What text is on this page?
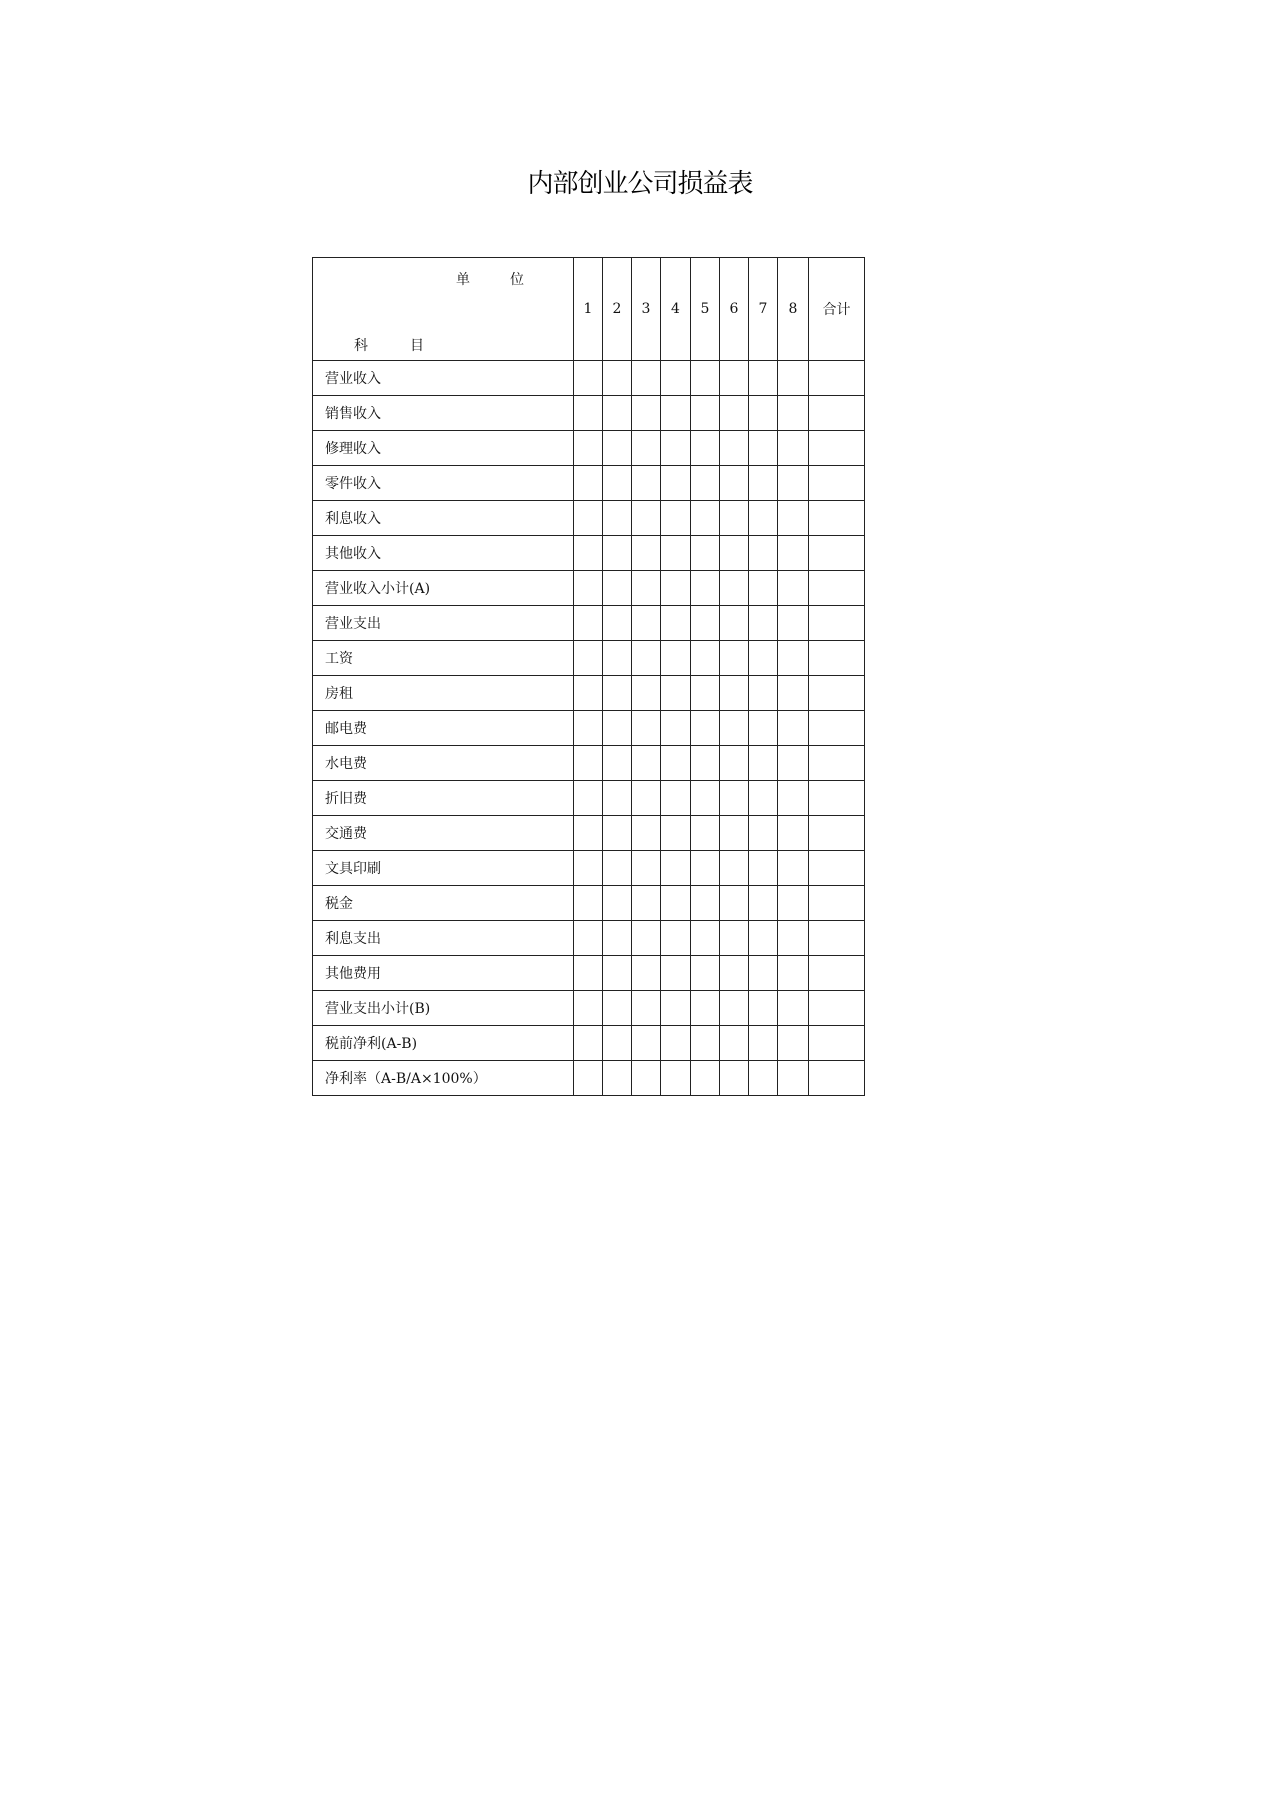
内部创业公司损益表
单 位
科 目	1	2	3	4	5	6	7	8	合计
营业收入									
销售收入									
修理收入									
零件收入									
利息收入									
其他收入									
营业收入小计(A)									
营业支出									
工资									
房租									
邮电费									
水电费									
折旧费									
交通费									
文具印刷									
税金									
利息支出									
其他费用									
营业支出小计(B)									
税前净利(A-B)									
净利率（A-B/A×100%）									
